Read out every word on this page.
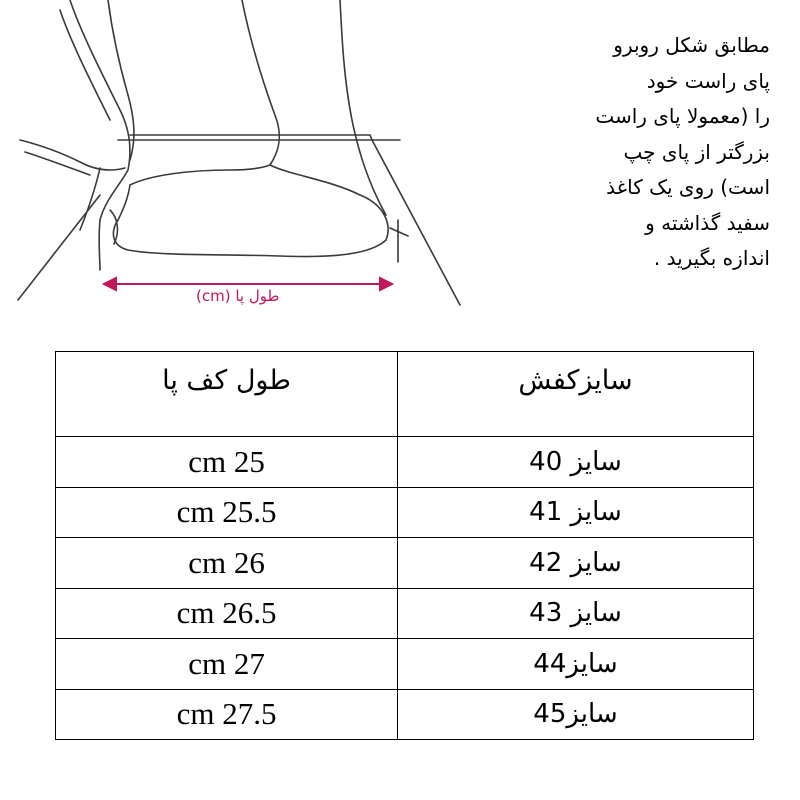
طول پا (cm)
مطابق شکل روبرو
پای راست خود
را (معمولا پای راست
بزرگتر از پای چپ
است) روی یک کاغذ
سفید گذاشته و
اندازه بگیرید .
سایزکفش	طول کف پا
سایز 40	25 cm
سایز 41	25.5 cm
سایز 42	26 cm
سایز 43	26.5 cm
سایز44	27 cm
سایز45	27.5 cm
